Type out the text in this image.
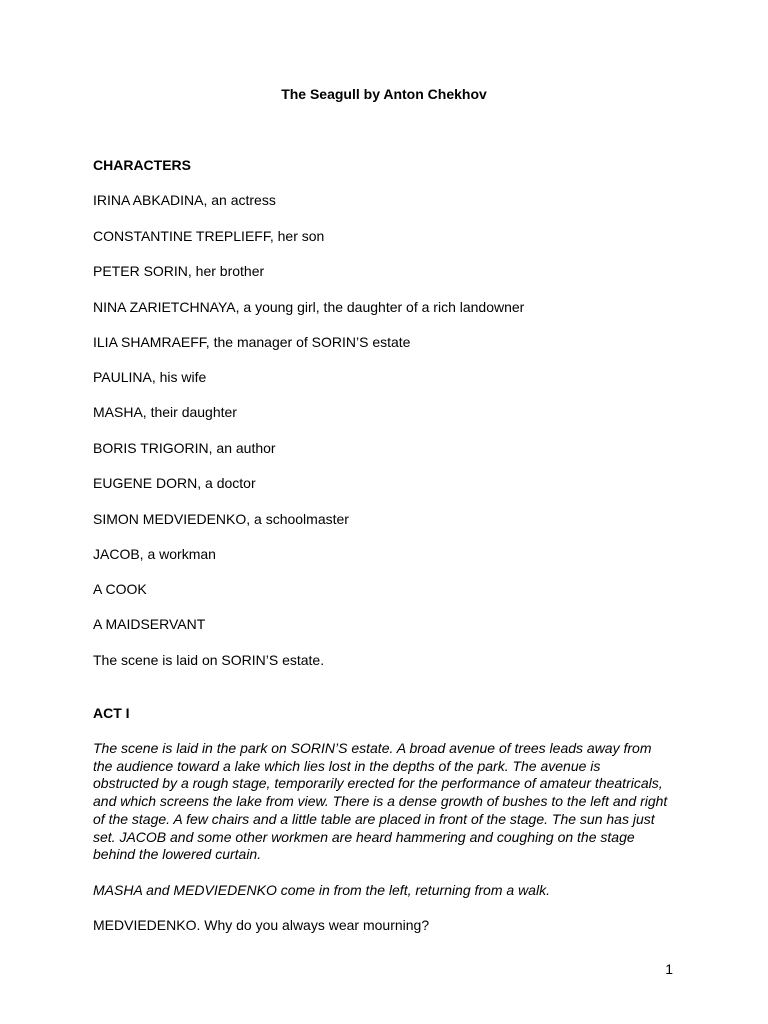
The Seagull by Anton Chekhov
CHARACTERS
IRINA ABKADINA, an actress
CONSTANTINE TREPLIEFF, her son
PETER SORIN, her brother
NINA ZARIETCHNAYA, a young girl, the daughter of a rich landowner
ILIA SHAMRAEFF, the manager of SORIN’S estate
PAULINA, his wife
MASHA, their daughter
BORIS TRIGORIN, an author
EUGENE DORN, a doctor
SIMON MEDVIEDENKO, a schoolmaster
JACOB, a workman
A COOK
A MAIDSERVANT
The scene is laid on SORIN’S estate.
ACT I
The scene is laid in the park on SORIN’S estate. A broad avenue of trees leads away from
the audience toward a lake which lies lost in the depths of the park. The avenue is
obstructed by a rough stage, temporarily erected for the performance of amateur theatricals,
and which screens the lake from view. There is a dense growth of bushes to the left and right
of the stage. A few chairs and a little table are placed in front of the stage. The sun has just
set. JACOB and some other workmen are heard hammering and coughing on the stage
behind the lowered curtain.
MASHA and MEDVIEDENKO come in from the left, returning from a walk.
MEDVIEDENKO. Why do you always wear mourning?
1
